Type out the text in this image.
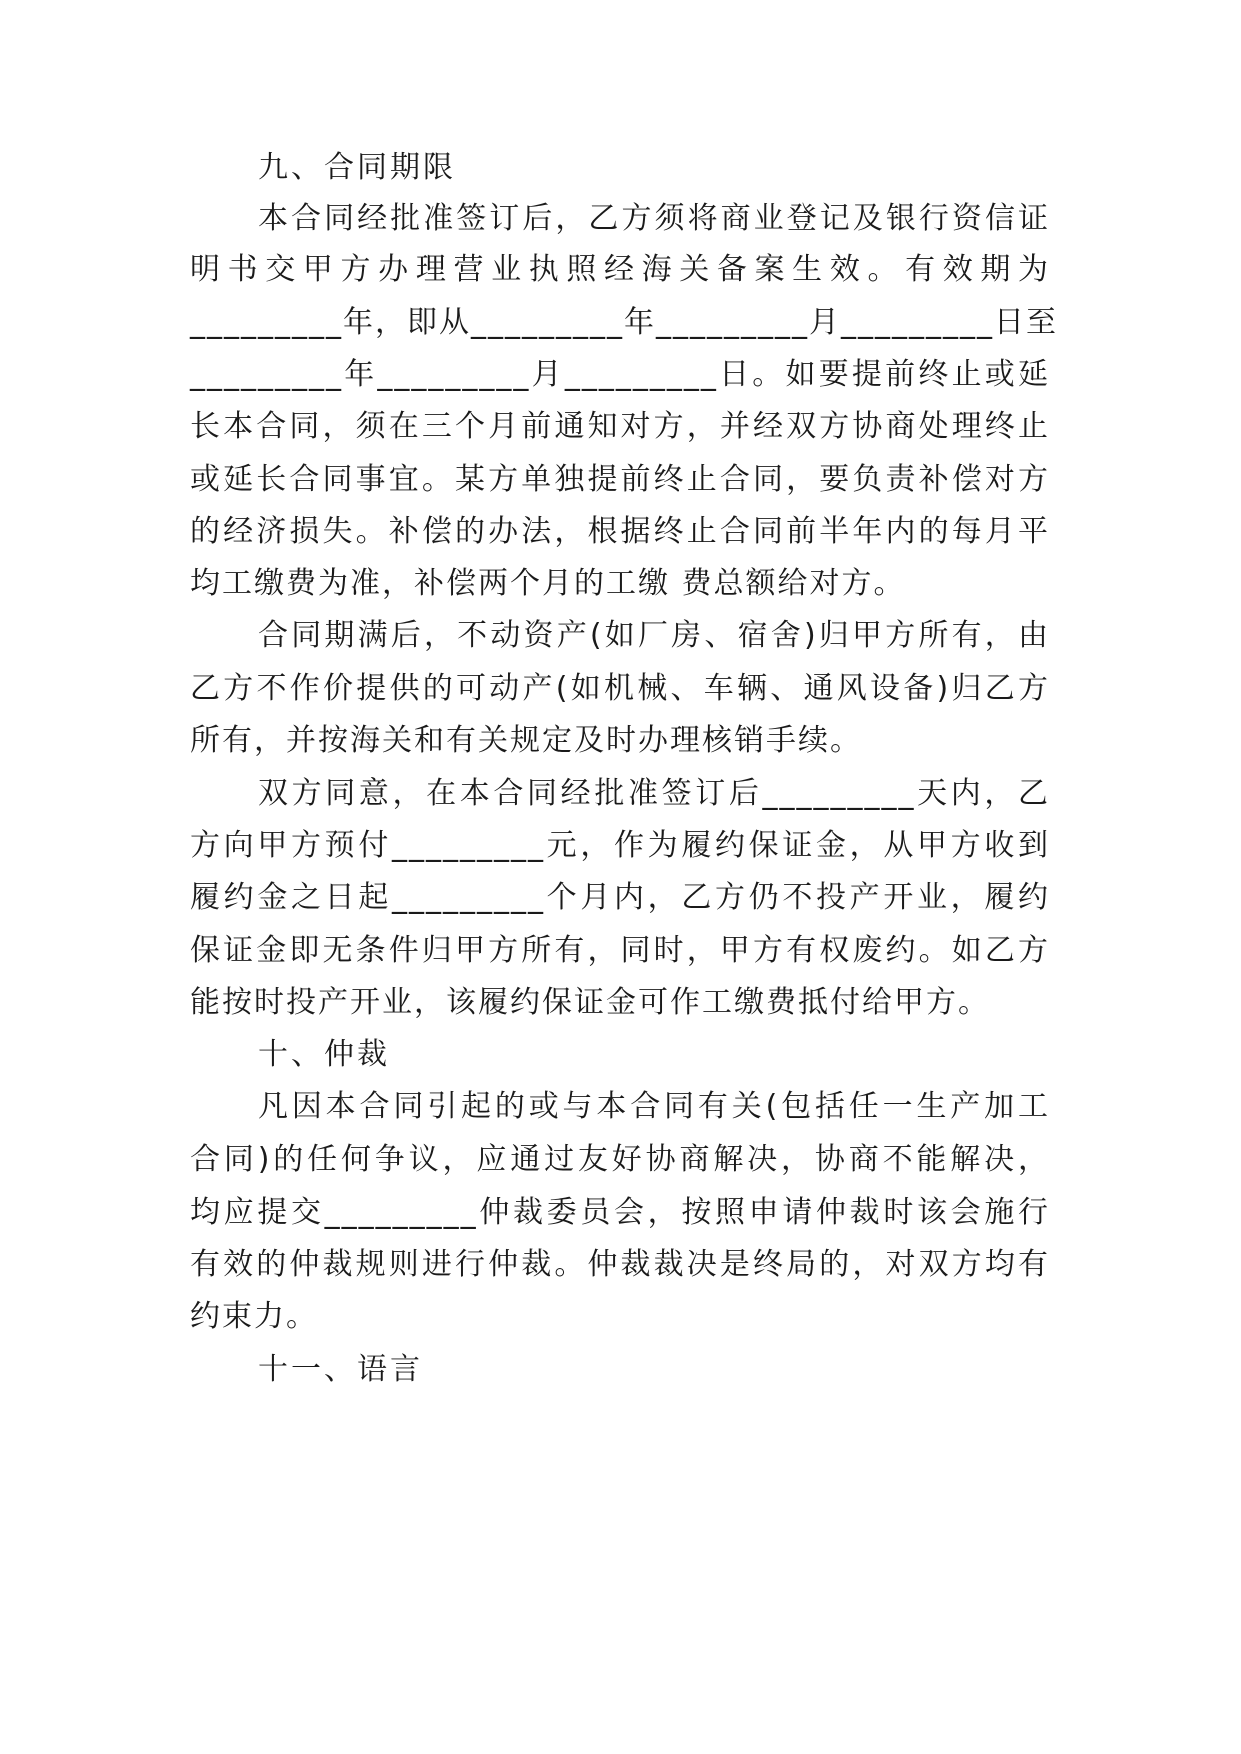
九、合同期限
本合同经批准签订后，乙方须将商业登记及银行资信证
明书交甲方办理营业执照经海关备案生效。有效期为
_________年，即从_________年_________月_________日至
_________年_________月_________日。如要提前终止或延
长本合同，须在三个月前通知对方，并经双方协商处理终止
或延长合同事宜。某方单独提前终止合同，要负责补偿对方
的经济损失。补偿的办法，根据终止合同前半年内的每月平
均工缴费为准，补偿两个月的工缴 费总额给对方。
合同期满后，不动资产(如厂房、宿舍)归甲方所有，由
乙方不作价提供的可动产(如机械、车辆、通风设备)归乙方
所有，并按海关和有关规定及时办理核销手续。
双方同意，在本合同经批准签订后_________天内，乙
方向甲方预付_________元，作为履约保证金，从甲方收到
履约金之日起_________个月内，乙方仍不投产开业，履约
保证金即无条件归甲方所有，同时，甲方有权废约。如乙方
能按时投产开业，该履约保证金可作工缴费抵付给甲方。
十、仲裁
凡因本合同引起的或与本合同有关(包括任一生产加工
合同)的任何争议，应通过友好协商解决，协商不能解决，
均应提交_________仲裁委员会，按照申请仲裁时该会施行
有效的仲裁规则进行仲裁。仲裁裁决是终局的，对双方均有
约束力。
十一、语言
